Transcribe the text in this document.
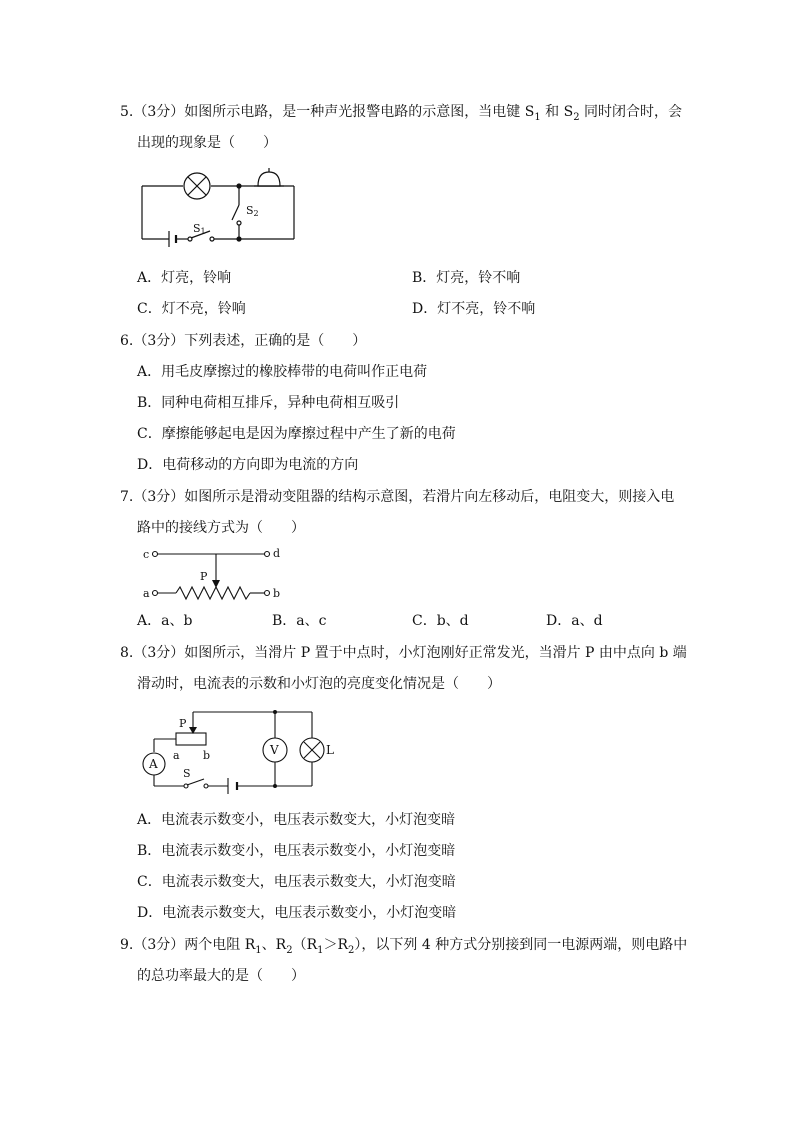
5.（3分）如图所示电路，是一种声光报警电路的示意图，当电键 $S_1$ 和 $S_2$ 同时闭合时，会
出现的现象是（　　）
S1
S2
A．灯亮，铃响	B．灯亮，铃不响
C．灯不亮，铃响	D．灯不亮，铃不响
6.（3分）下列表述，正确的是（　　）
A．用毛皮摩擦过的橡胶棒带的电荷叫作正电荷
B．同种电荷相互排斥，异种电荷相互吸引
C．摩擦能够起电是因为摩擦过程中产生了新的电荷
D．电荷移动的方向即为电流的方向
7.（3分）如图所示是滑动变阻器的结构示意图，若滑片向左移动后，电阻变大，则接入电
路中的接线方式为（　　）
c	d
a	b
P
A．a、b	B．a、c	C．b、d	D．a、d
8.（3分）如图所示，当滑片 P 置于中点时，小灯泡刚好正常发光，当滑片 P 由中点向 b 端
滑动时，电流表的示数和小灯泡的亮度变化情况是（　　）
A
V	L
S
P
a b
A．电流表示数变小，电压表示数变大，小灯泡变暗
B．电流表示数变小，电压表示数变小，小灯泡变暗
C．电流表示数变大，电压表示数变大，小灯泡变暗
D．电流表示数变大，电压表示数变小，小灯泡变暗
9.（3分）两个电阻 $R_1$、$R_2(R_1>R_2)$，以下列 4 种方式分别接到同一电源两端，则电路中
的总功率最大的是（　　）
